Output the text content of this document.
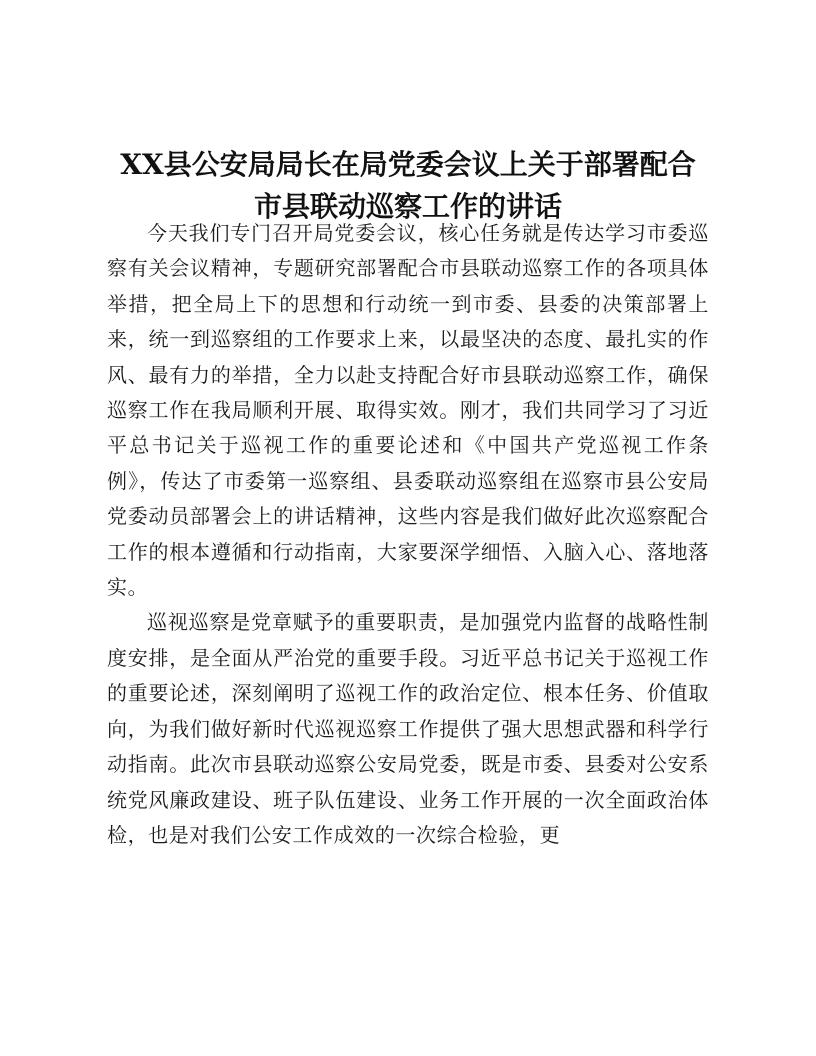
XX县公安局局长在局党委会议上关于部署配合
市县联动巡察工作的讲话

今天我们专门召开局党委会议，核心任务就是传达学习市委巡察有关会议精神，专题研究部署配合市县联动巡察工作的各项具体举措，把全局上下的思想和行动统一到市委、县委的决策部署上来，统一到巡察组的工作要求上来，以最坚决的态度、最扎实的作风、最有力的举措，全力以赴支持配合好市县联动巡察工作，确保巡察工作在我局顺利开展、取得实效。刚才，我们共同学习了习近平总书记关于巡视工作的重要论述和《中国共产党巡视工作条例》，传达了市委第一巡察组、县委联动巡察组在巡察市县公安局党委动员部署会上的讲话精神，这些内容是我们做好此次巡察配合工作的根本遵循和行动指南，大家要深学细悟、入脑入心、落地落实。

巡视巡察是党章赋予的重要职责，是加强党内监督的战略性制度安排，是全面从严治党的重要手段。习近平总书记关于巡视工作的重要论述，深刻阐明了巡视工作的政治定位、根本任务、价值取向，为我们做好新时代巡视巡察工作提供了强大思想武器和科学行动指南。此次市县联动巡察公安局党委，既是市委、县委对公安系统党风廉政建设、班子队伍建设、业务工作开展的一次全面政治体检，也是对我们公安工作成效的一次综合检验，更
